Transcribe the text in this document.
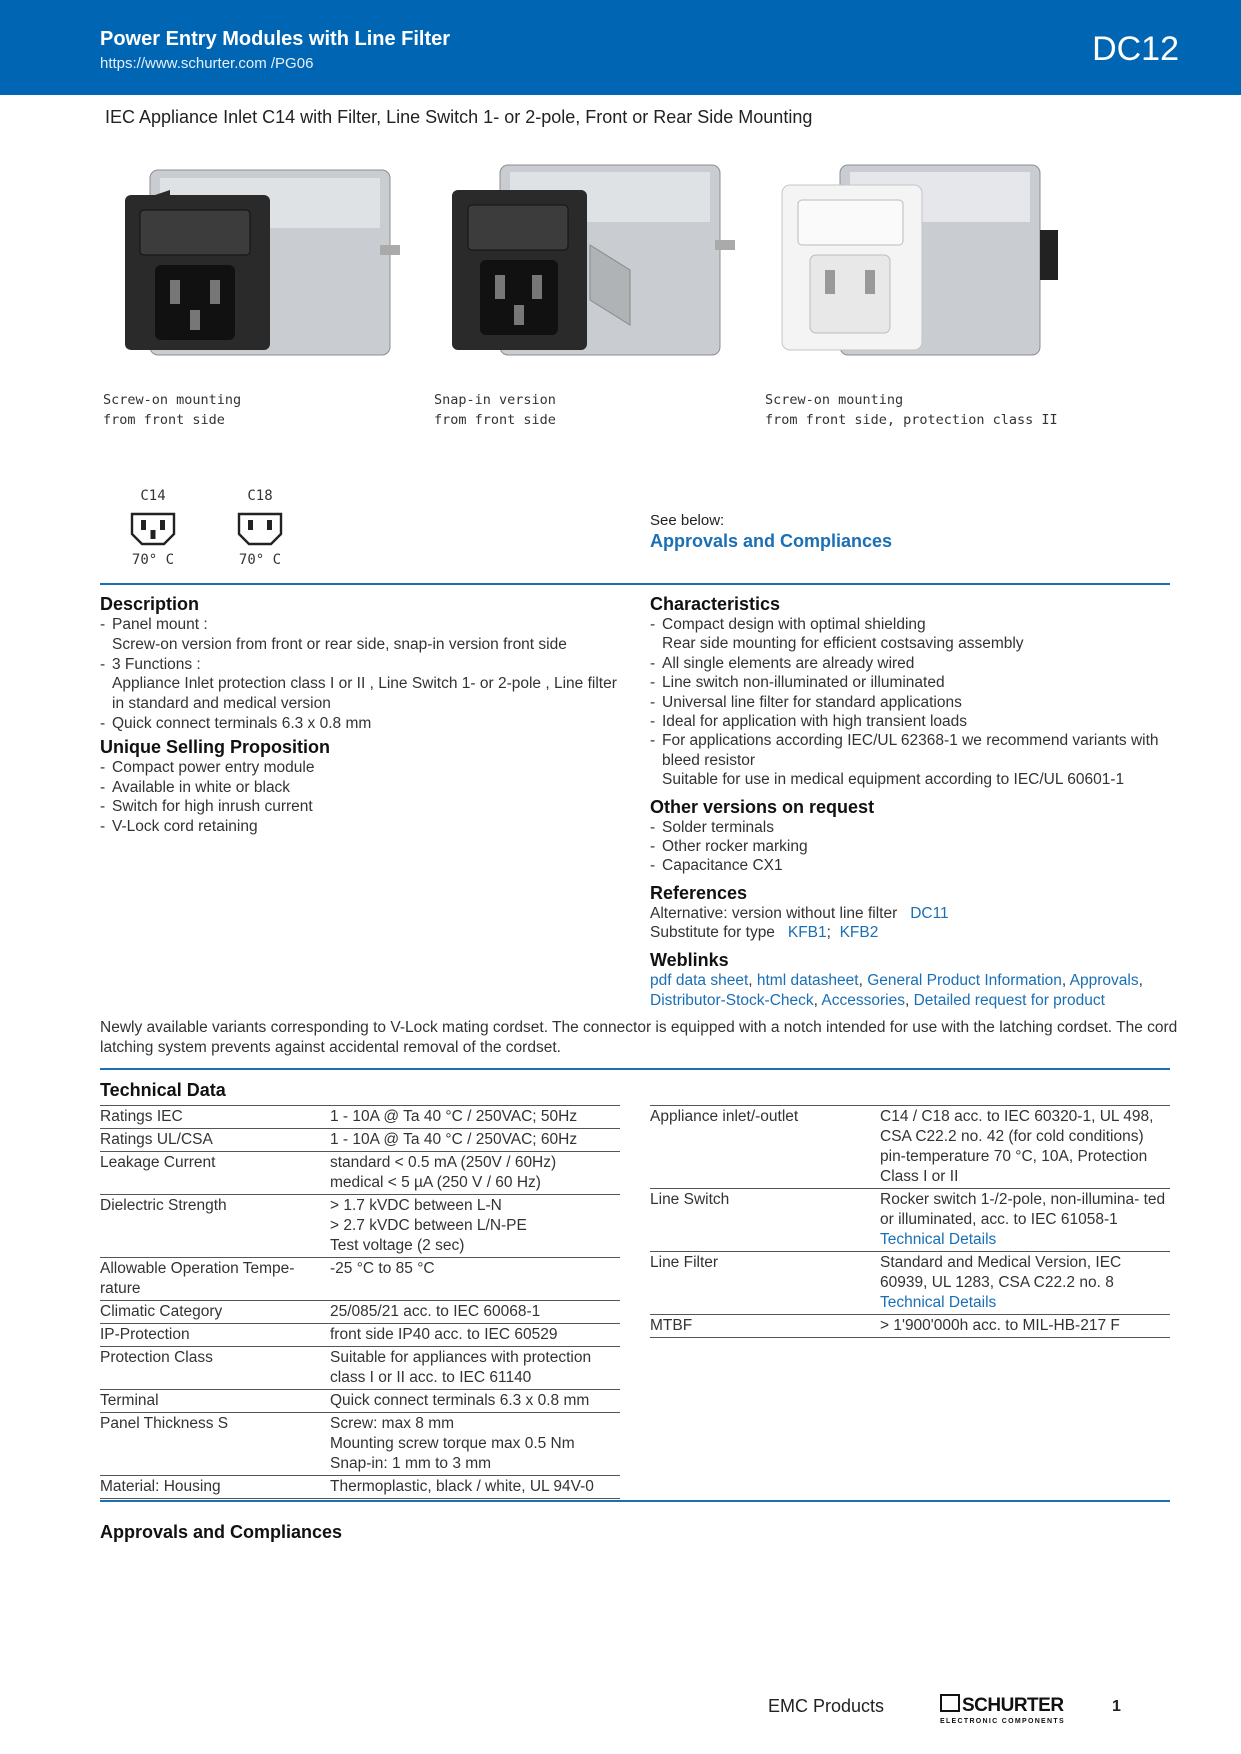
Power Entry Modules with Line Filter
https://www.schurter.com /PG06	DC12
IEC Appliance Inlet C14 with Filter, Line Switch 1- or 2-pole, Front or Rear Side Mounting
Screw-on mounting
from front side
Snap-in version
from front side
Screw-on mounting
from front side, protection class II
C14
70° C
C18
70° C
See below:
Approvals and Compliances
Description
- Panel mount :
Screw-on version from front or rear side, snap-in version front side
- 3 Functions :
Appliance Inlet protection class I or II , Line Switch 1- or 2-pole , Line filter in standard and medical version
- Quick connect terminals 6.3 x 0.8 mm
Unique Selling Proposition
- Compact power entry module
- Available in white or black
- Switch for high inrush current
- V-Lock cord retaining
Characteristics
- Compact design with optimal shielding
Rear side mounting for efficient costsaving assembly
- All single elements are already wired
- Line switch non-illuminated or illuminated
- Universal line filter for standard applications
- Ideal for application with high transient loads
- For applications according IEC/UL 62368-1 we recommend variants with bleed resistor
Suitable for use in medical equipment according to IEC/UL 60601-1
Other versions on request
- Solder terminals
- Other rocker marking
- Capacitance CX1
References
Alternative: version without line filter DC11
Substitute for type KFB1; KFB2
Weblinks
pdf data sheet, html datasheet, General Product Information, Approvals,
Distributor-Stock-Check, Accessories, Detailed request for product
Newly available variants corresponding to V-Lock mating cordset. The connector is equipped with a notch intended for use with the latching cordset. The cord latching system prevents against accidental removal of the cordset.
Technical Data
Ratings IEC	1 - 10A @ Ta 40 °C / 250VAC; 50Hz

Ratings UL/CSA	1 - 10A @ Ta 40 °C / 250VAC; 60Hz

Leakage Current	standard < 0.5 mA (250V / 60Hz)
medical < 5 µA (250 V / 60 Hz)

Dielectric Strength	> 1.7 kVDC between L-N
> 2.7 kVDC between L/N-PE
Test voltage (2 sec)

Allowable Operation Tempe- rature	-25 °C to 85 °C

Climatic Category	25/085/21 acc. to IEC 60068-1

IP-Protection	front side IP40 acc. to IEC 60529

Protection Class	Suitable for appliances with protection class I or II acc. to IEC 61140

Terminal	Quick connect terminals 6.3 x 0.8 mm

Panel Thickness S	Screw: max 8 mm
Mounting screw torque max 0.5 Nm
Snap-in: 1 mm to 3 mm

Material: Housing	Thermoplastic, black / white, UL 94V-0
Appliance inlet/-outlet	C14 / C18 acc. to IEC 60320-1, UL 498, CSA C22.2 no. 42 (for cold conditions) pin-temperature 70 °C, 10A, Protection Class I or II

Line Switch	Rocker switch 1-/2-pole, non-illumina- ted or illuminated, acc. to IEC 61058-1
Technical Details

Line Filter	Standard and Medical Version, IEC 60939, UL 1283, CSA C22.2 no. 8
Technical Details

MTBF	> 1'900'000h acc. to MIL-HB-217 F
Approvals and Compliances
EMC Products	SCHURTER
ELECTRONIC COMPONENTS
1
